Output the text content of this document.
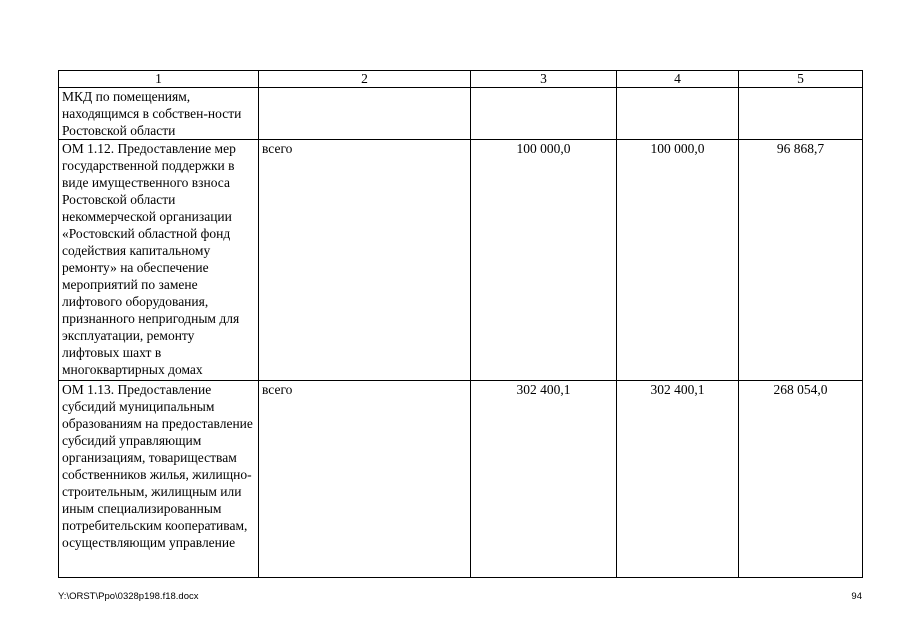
1	2	3	4	5

МКД по помещениям, находящимся в собствен-ности Ростовской области				

ОМ 1.12. Предоставление мер государственной поддержки в виде имущественного взноса Ростовской области некоммерческой организации «Ростовский областной фонд содействия капитальному ремонту» на обеспечение мероприятий по замене лифтового оборудования, признанного непригодным для эксплуатации, ремонту лифтовых шахт в многоквартирных домах	всего	100 000,0	100 000,0	96 868,7

ОМ 1.13. Предоставление субсидий муниципальным образованиям на предоставление субсидий управляющим организациям, товариществам собственников жилья, жилищно-строительным, жилищным или иным специализированным потребительским кооперативам, осуществляющим управление	всего	302 400,1	302 400,1	268 054,0
Y:\ORST\Ppo\0328p198.f18.docx	94
